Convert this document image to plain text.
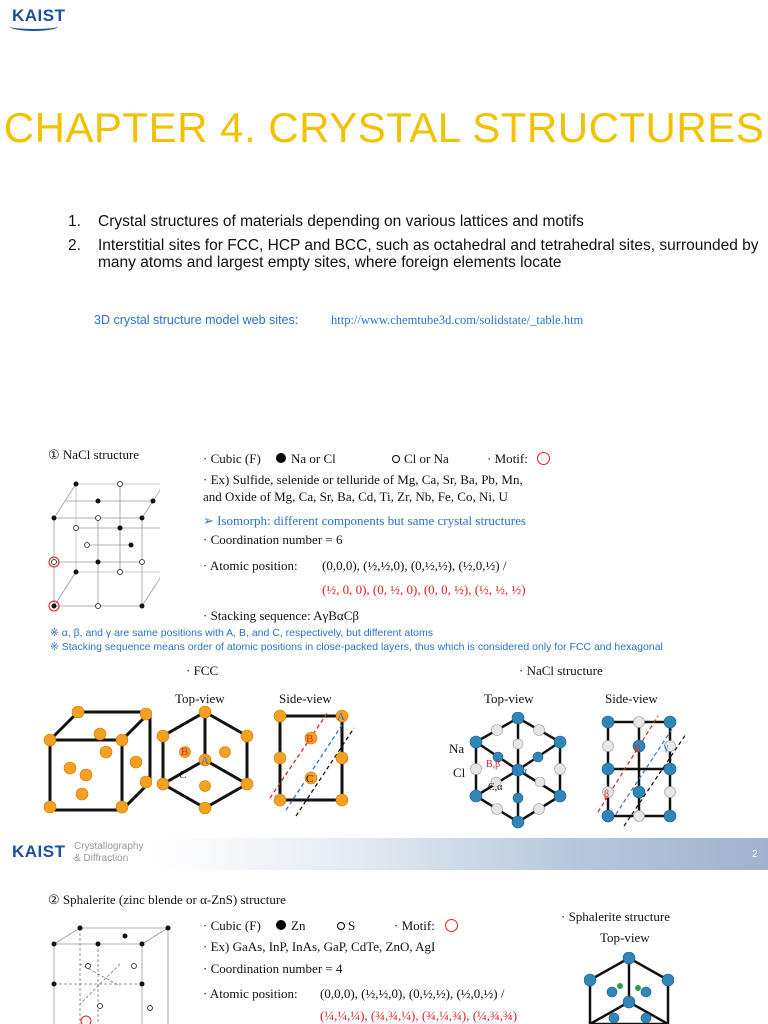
KAIST
CHAPTER 4. CRYSTAL STRUCTURES
1. Crystal structures of materials depending on various lattices and motifs
2. Interstitial sites for FCC, HCP and BCC, such as octahedral and tetrahedral sites, surrounded by many atoms and largest empty sites, where foreign elements locate
3D crystal structure model web sites:	http://www.chemtube3d.com/solidstate/_table.htm
① NaCl structure	· Cubic (F) Na or Cl	Cl or Na	· Motif:
· Ex) Sulfide, selenide or telluride of Mg, Ca, Sr, Ba, Pb, Mn,
and Oxide of Mg, Ca, Sr, Ba, Cd, Ti, Zr, Nb, Fe, Co, Ni, U
➢ Isomorph: different components but same crystal structures
· Coordination number = 6
· Atomic position: (0,0,0), (½,½,0), (0,½,½), (½,0,½) /
(½, 0, 0), (0, ½, 0), (0, 0, ½), (½, ½, ½)
· Stacking sequence: AγBαCβ
※ α, β, and γ are same positions with A, B, and C, respectively, but different atoms
※ Stacking sequence means order of atomic positions in close-packed layers, thus which is considered only for FCC and hexagonal
· FCC	· NaCl structure
Top-view	Side-view	Top-view	Side-view
Na
Cl
B
C
A
B
C
A
B,β
A,α
C,α
B γ
β
KAIST Crystallography
& Diffraction	2
② Sphalerite (zinc blende or α-ZnS) structure
· Cubic (F) Zn	S	· Motif:
· Ex) GaAs, InP, InAs, GaP, CdTe, ZnO, AgI
· Coordination number = 4
· Atomic position: (0,0,0), (½,½,0), (0,½,½), (½,0,½) /
(¼,¼,¼), (¾,¾,¼), (¾,¼,¾), (¼,¾,¾)
· Sphalerite structure
Top-view
